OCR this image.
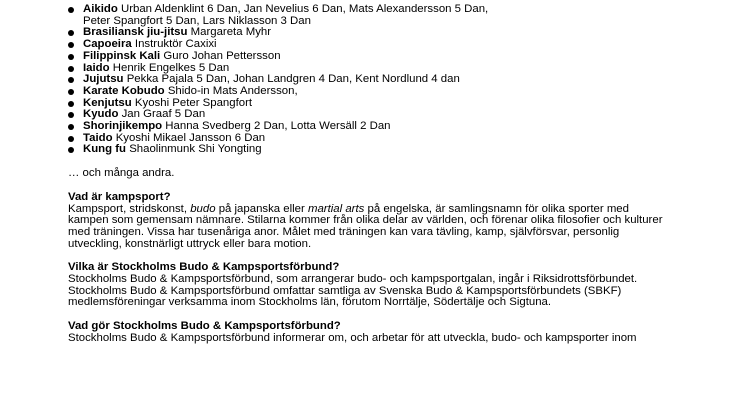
Aikido Urban Aldenklint 6 Dan, Jan Nevelius 6 Dan, Mats Alexandersson 5 Dan,
Peter Spangfort 5 Dan, Lars Niklasson 3 Dan
Brasiliansk jiu-jitsu Margareta Myhr
Capoeira Instruktör Caxixi
Filippinsk Kali Guro Johan Pettersson
Iaido Henrik Engelkes 5 Dan
Jujutsu Pekka Pajala 5 Dan, Johan Landgren 4 Dan, Kent Nordlund 4 dan
Karate Kobudo Shido-in Mats Andersson,
Kenjutsu Kyoshi Peter Spangfort
Kyudo Jan Graaf 5 Dan
Shorinjikempo Hanna Svedberg 2 Dan, Lotta Wersäll 2 Dan
Taido Kyoshi Mikael Jansson 6 Dan
Kung fu Shaolinmunk Shi Yongting

… och många andra.

Vad är kampsport?

Kampsport, stridskonst, budo på japanska eller martial arts på engelska, är samlingsnamn för olika sporter med
kampen som gemensam nämnare. Stilarna kommer från olika delar av världen, och förenar olika filosofier och kulturer
med träningen. Vissa har tusenåriga anor. Målet med träningen kan vara tävling, kamp, självförsvar, personlig
utveckling, konstnärligt uttryck eller bara motion.

Vilka är Stockholms Budo & Kampsportsförbund?

Stockholms Budo & Kampsportsförbund, som arrangerar budo- och kampsportgalan, ingår i Riksidrottsförbundet.
Stockholms Budo & Kampsportsförbund omfattar samtliga av Svenska Budo & Kampsportsförbundets (SBKF)
medlemsföreningar verksamma inom Stockholms län, förutom Norrtälje, Södertälje och Sigtuna.

Vad gör Stockholms Budo & Kampsportsförbund?

Stockholms Budo & Kampsportsförbund informerar om, och arbetar för att utveckla, budo- och kampsporter inom
